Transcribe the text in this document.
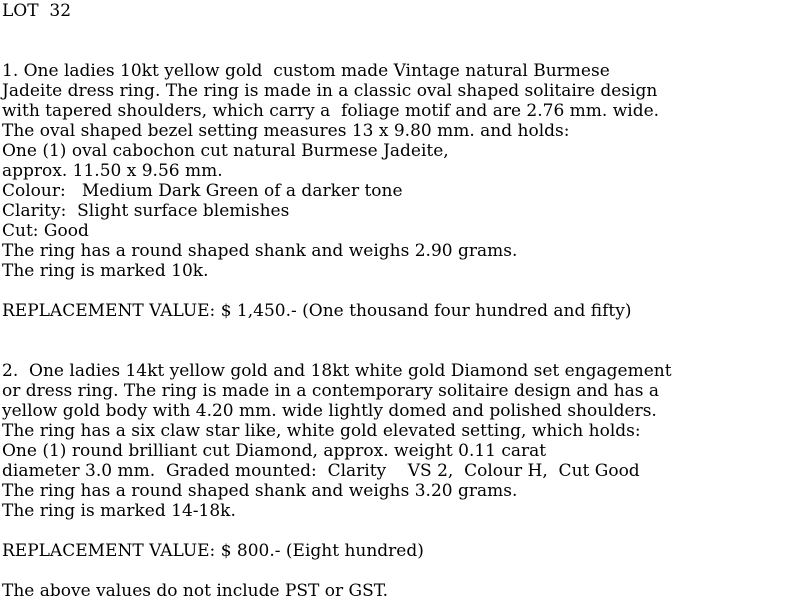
LOT  32

1. One ladies 10kt yellow gold  custom made Vintage natural Burmese

Jadeite dress ring. The ring is made in a classic oval shaped solitaire design

with tapered shoulders, which carry a  foliage motif and are 2.76 mm. wide.

The oval shaped bezel setting measures 13 x 9.80 mm. and holds:

One (1) oval cabochon cut natural Burmese Jadeite,

approx. 11.50 x 9.56 mm.

Colour:   Medium Dark Green of a darker tone

Clarity:  Slight surface blemishes

Cut: Good

The ring has a round shaped shank and weighs 2.90 grams.

The ring is marked 10k.

REPLACEMENT VALUE: $ 1,450.- (One thousand four hundred and fifty)

2.  One ladies 14kt yellow gold and 18kt white gold Diamond set engagement

or dress ring. The ring is made in a contemporary solitaire design and has a

yellow gold body with 4.20 mm. wide lightly domed and polished shoulders.

The ring has a six claw star like, white gold elevated setting, which holds:

One (1) round brilliant cut Diamond, approx. weight 0.11 carat

diameter 3.0 mm.  Graded mounted:  Clarity    VS 2,  Colour H,  Cut Good

The ring has a round shaped shank and weighs 3.20 grams.

The ring is marked 14-18k.

REPLACEMENT VALUE: $ 800.- (Eight hundred)

The above values do not include PST or GST.
